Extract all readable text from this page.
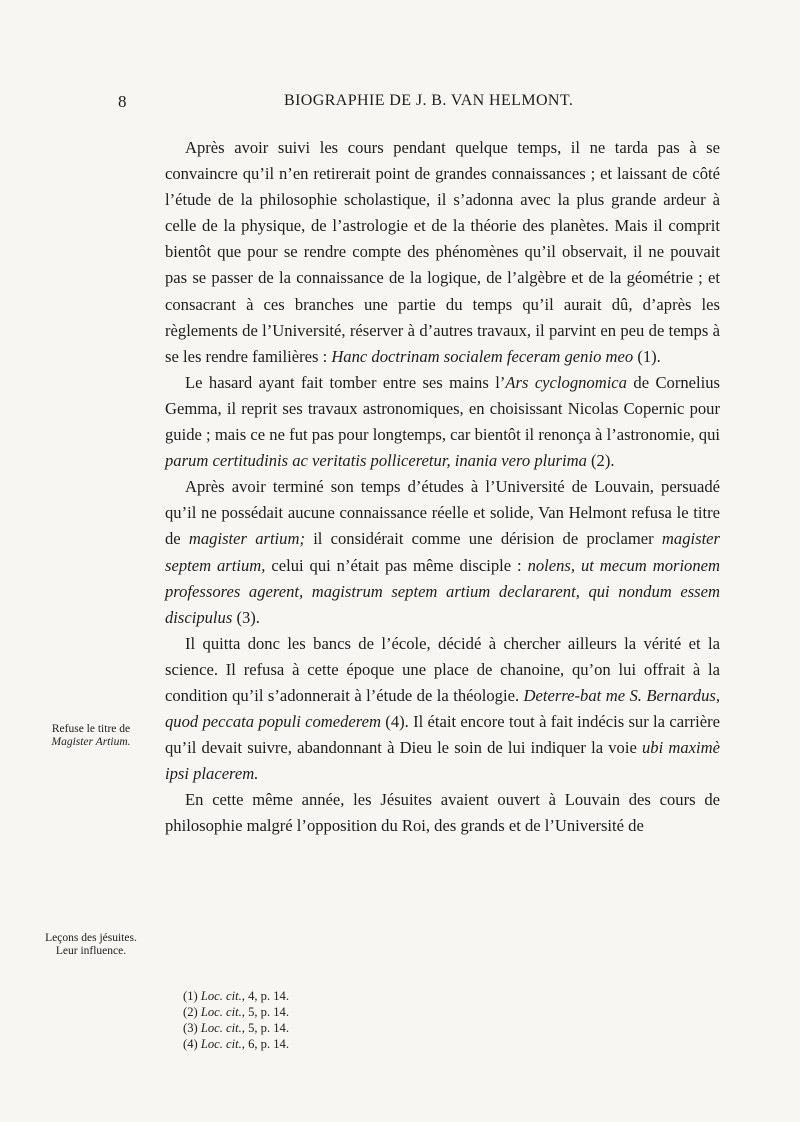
8	BIOGRAPHIE DE J. B. VAN HELMONT.
Refuse le titre de
Magister Artium.
Leçons des jésuites.
Leur influence.

Après avoir suivi les cours pendant quelque temps, il ne tarda pas à se convaincre qu’il n’en retirerait point de grandes connaissances ; et laissant de côté l’étude de la philosophie scholastique, il s’adonna avec la plus grande ardeur à celle de la physique, de l’astrologie et de la théorie des planètes. Mais il comprit bientôt que pour se rendre compte des phénomènes qu’il observait, il ne pouvait pas se passer de la connaissance de la logique, de l’algèbre et de la géométrie ; et consacrant à ces branches une partie du temps qu’il aurait dû, d’après les règlements de l’Université, réserver à d’autres travaux, il parvint en peu de temps à se les rendre familières : Hanc doctrinam socialem feceram genio meo (1).

Le hasard ayant fait tomber entre ses mains l’Ars cyclognomica de Cornelius Gemma, il reprit ses travaux astronomiques, en choisissant Nicolas Copernic pour guide ; mais ce ne fut pas pour longtemps, car bientôt il renonça à l’astronomie, qui parum certitudinis ac veritatis polliceretur, inania vero plurima (2).

Après avoir terminé son temps d’études à l’Université de Louvain, persuadé qu’il ne possédait aucune connaissance réelle et solide, Van Helmont refusa le titre de magister artium; il considérait comme une dérision de proclamer magister septem artium, celui qui n’était pas même disciple : nolens, ut mecum morionem professores agerent, magistrum septem artium declararent, qui nondum essem discipulus (3).

Il quitta donc les bancs de l’école, décidé à chercher ailleurs la vérité et la science. Il refusa à cette époque une place de chanoine, qu’on lui offrait à la condition qu’il s’adonnerait à l’étude de la théologie. Deterre-bat me S. Bernardus, quod peccata populi comederem (4). Il était encore tout à fait indécis sur la carrière qu’il devait suivre, abandonnant à Dieu le soin de lui indiquer la voie ubi maximè ipsi placerem.

En cette même année, les Jésuites avaient ouvert à Louvain des cours de philosophie malgré l’opposition du Roi, des grands et de l’Université de

(1) Loc. cit., 4, p. 14.
(2) Loc. cit., 5, p. 14.
(3) Loc. cit., 5, p. 14.
(4) Loc. cit., 6, p. 14.
